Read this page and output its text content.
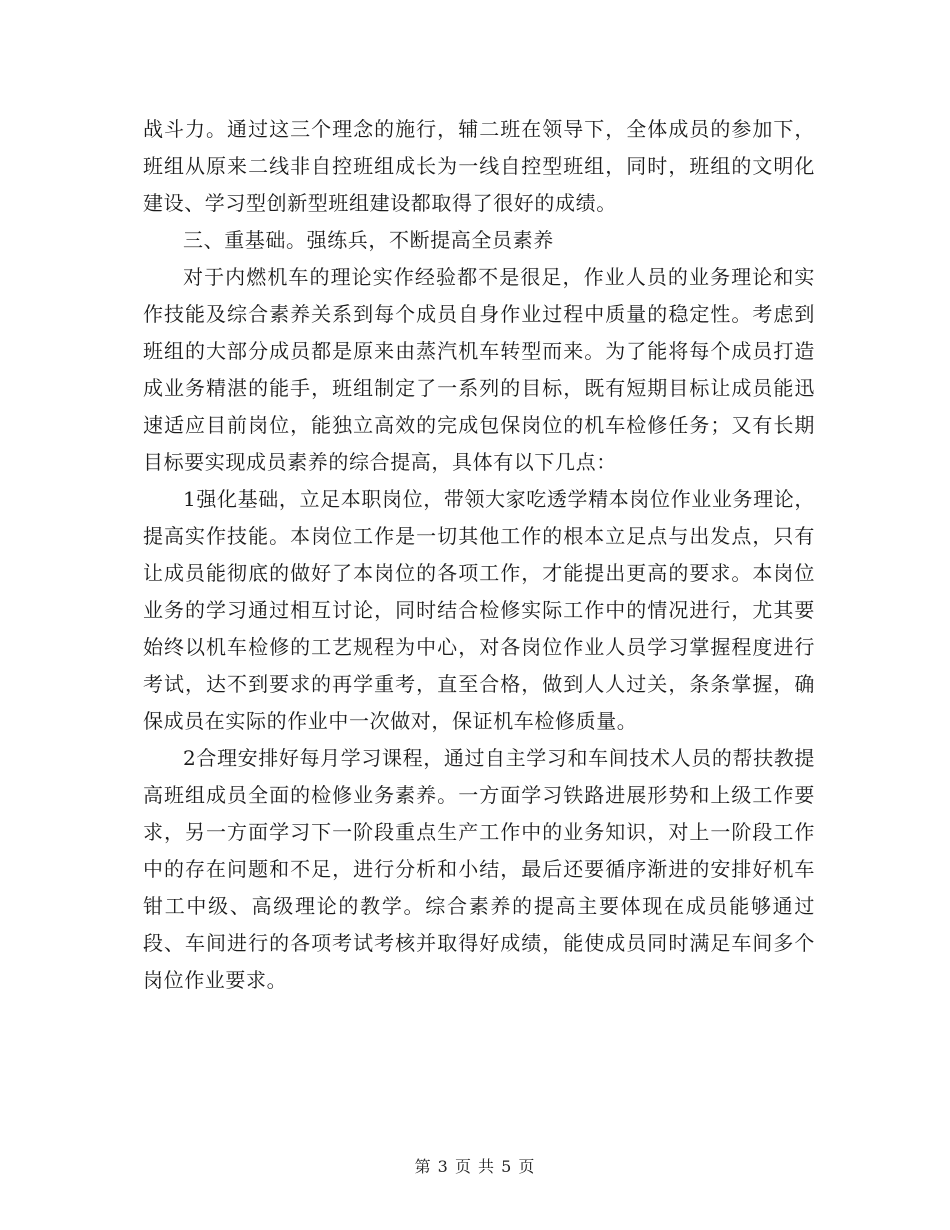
战斗力。通过这三个理念的施行，辅二班在领导下，全体成员的参加下，班组从原来二线非自控班组成长为一线自控型班组，同时，班组的文明化建设、学习型创新型班组建设都取得了很好的成绩。

三、重基础。强练兵，不断提高全员素养

对于内燃机车的理论实作经验都不是很足，作业人员的业务理论和实作技能及综合素养关系到每个成员自身作业过程中质量的稳定性。考虑到班组的大部分成员都是原来由蒸汽机车转型而来。为了能将每个成员打造成业务精湛的能手，班组制定了一系列的目标，既有短期目标让成员能迅速适应目前岗位，能独立高效的完成包保岗位的机车检修任务；又有长期目标要实现成员素养的综合提高，具体有以下几点：

1强化基础，立足本职岗位，带领大家吃透学精本岗位作业业务理论，提高实作技能。本岗位工作是一切其他工作的根本立足点与出发点，只有让成员能彻底的做好了本岗位的各项工作，才能提出更高的要求。本岗位业务的学习通过相互讨论，同时结合检修实际工作中的情况进行，尤其要始终以机车检修的工艺规程为中心，对各岗位作业人员学习掌握程度进行考试，达不到要求的再学重考，直至合格，做到人人过关，条条掌握，确保成员在实际的作业中一次做对，保证机车检修质量。

2合理安排好每月学习课程，通过自主学习和车间技术人员的帮扶教提高班组成员全面的检修业务素养。一方面学习铁路进展形势和上级工作要求，另一方面学习下一阶段重点生产工作中的业务知识，对上一阶段工作中的存在问题和不足，进行分析和小结，最后还要循序渐进的安排好机车钳工中级、高级理论的教学。综合素养的提高主要体现在成员能够通过段、车间进行的各项考试考核并取得好成绩，能使成员同时满足车间多个岗位作业要求。

第 3 页 共 5 页
